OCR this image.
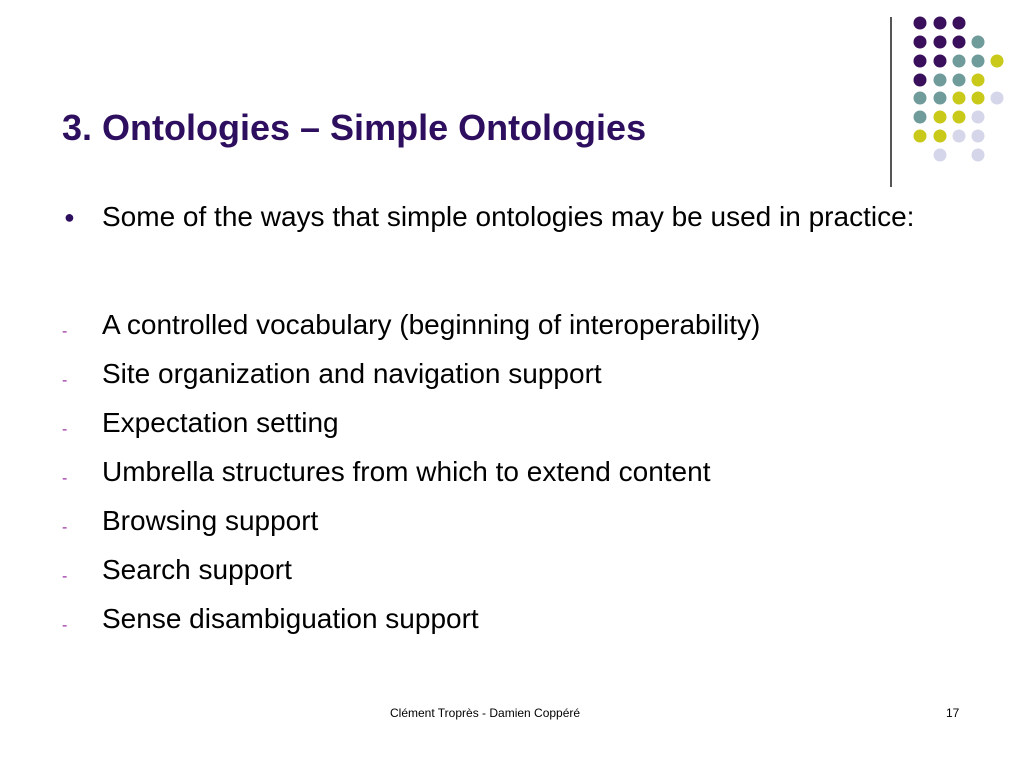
3. Ontologies – Simple Ontologies
● Some of the ways that simple ontologies may be used in practice:
- A controlled vocabulary (beginning of interoperability)
- Site organization and navigation support
- Expectation setting
- Umbrella structures from which to extend content
- Browsing support
- Search support
- Sense disambiguation support
Clément Troprès - Damien Coppéré	17
